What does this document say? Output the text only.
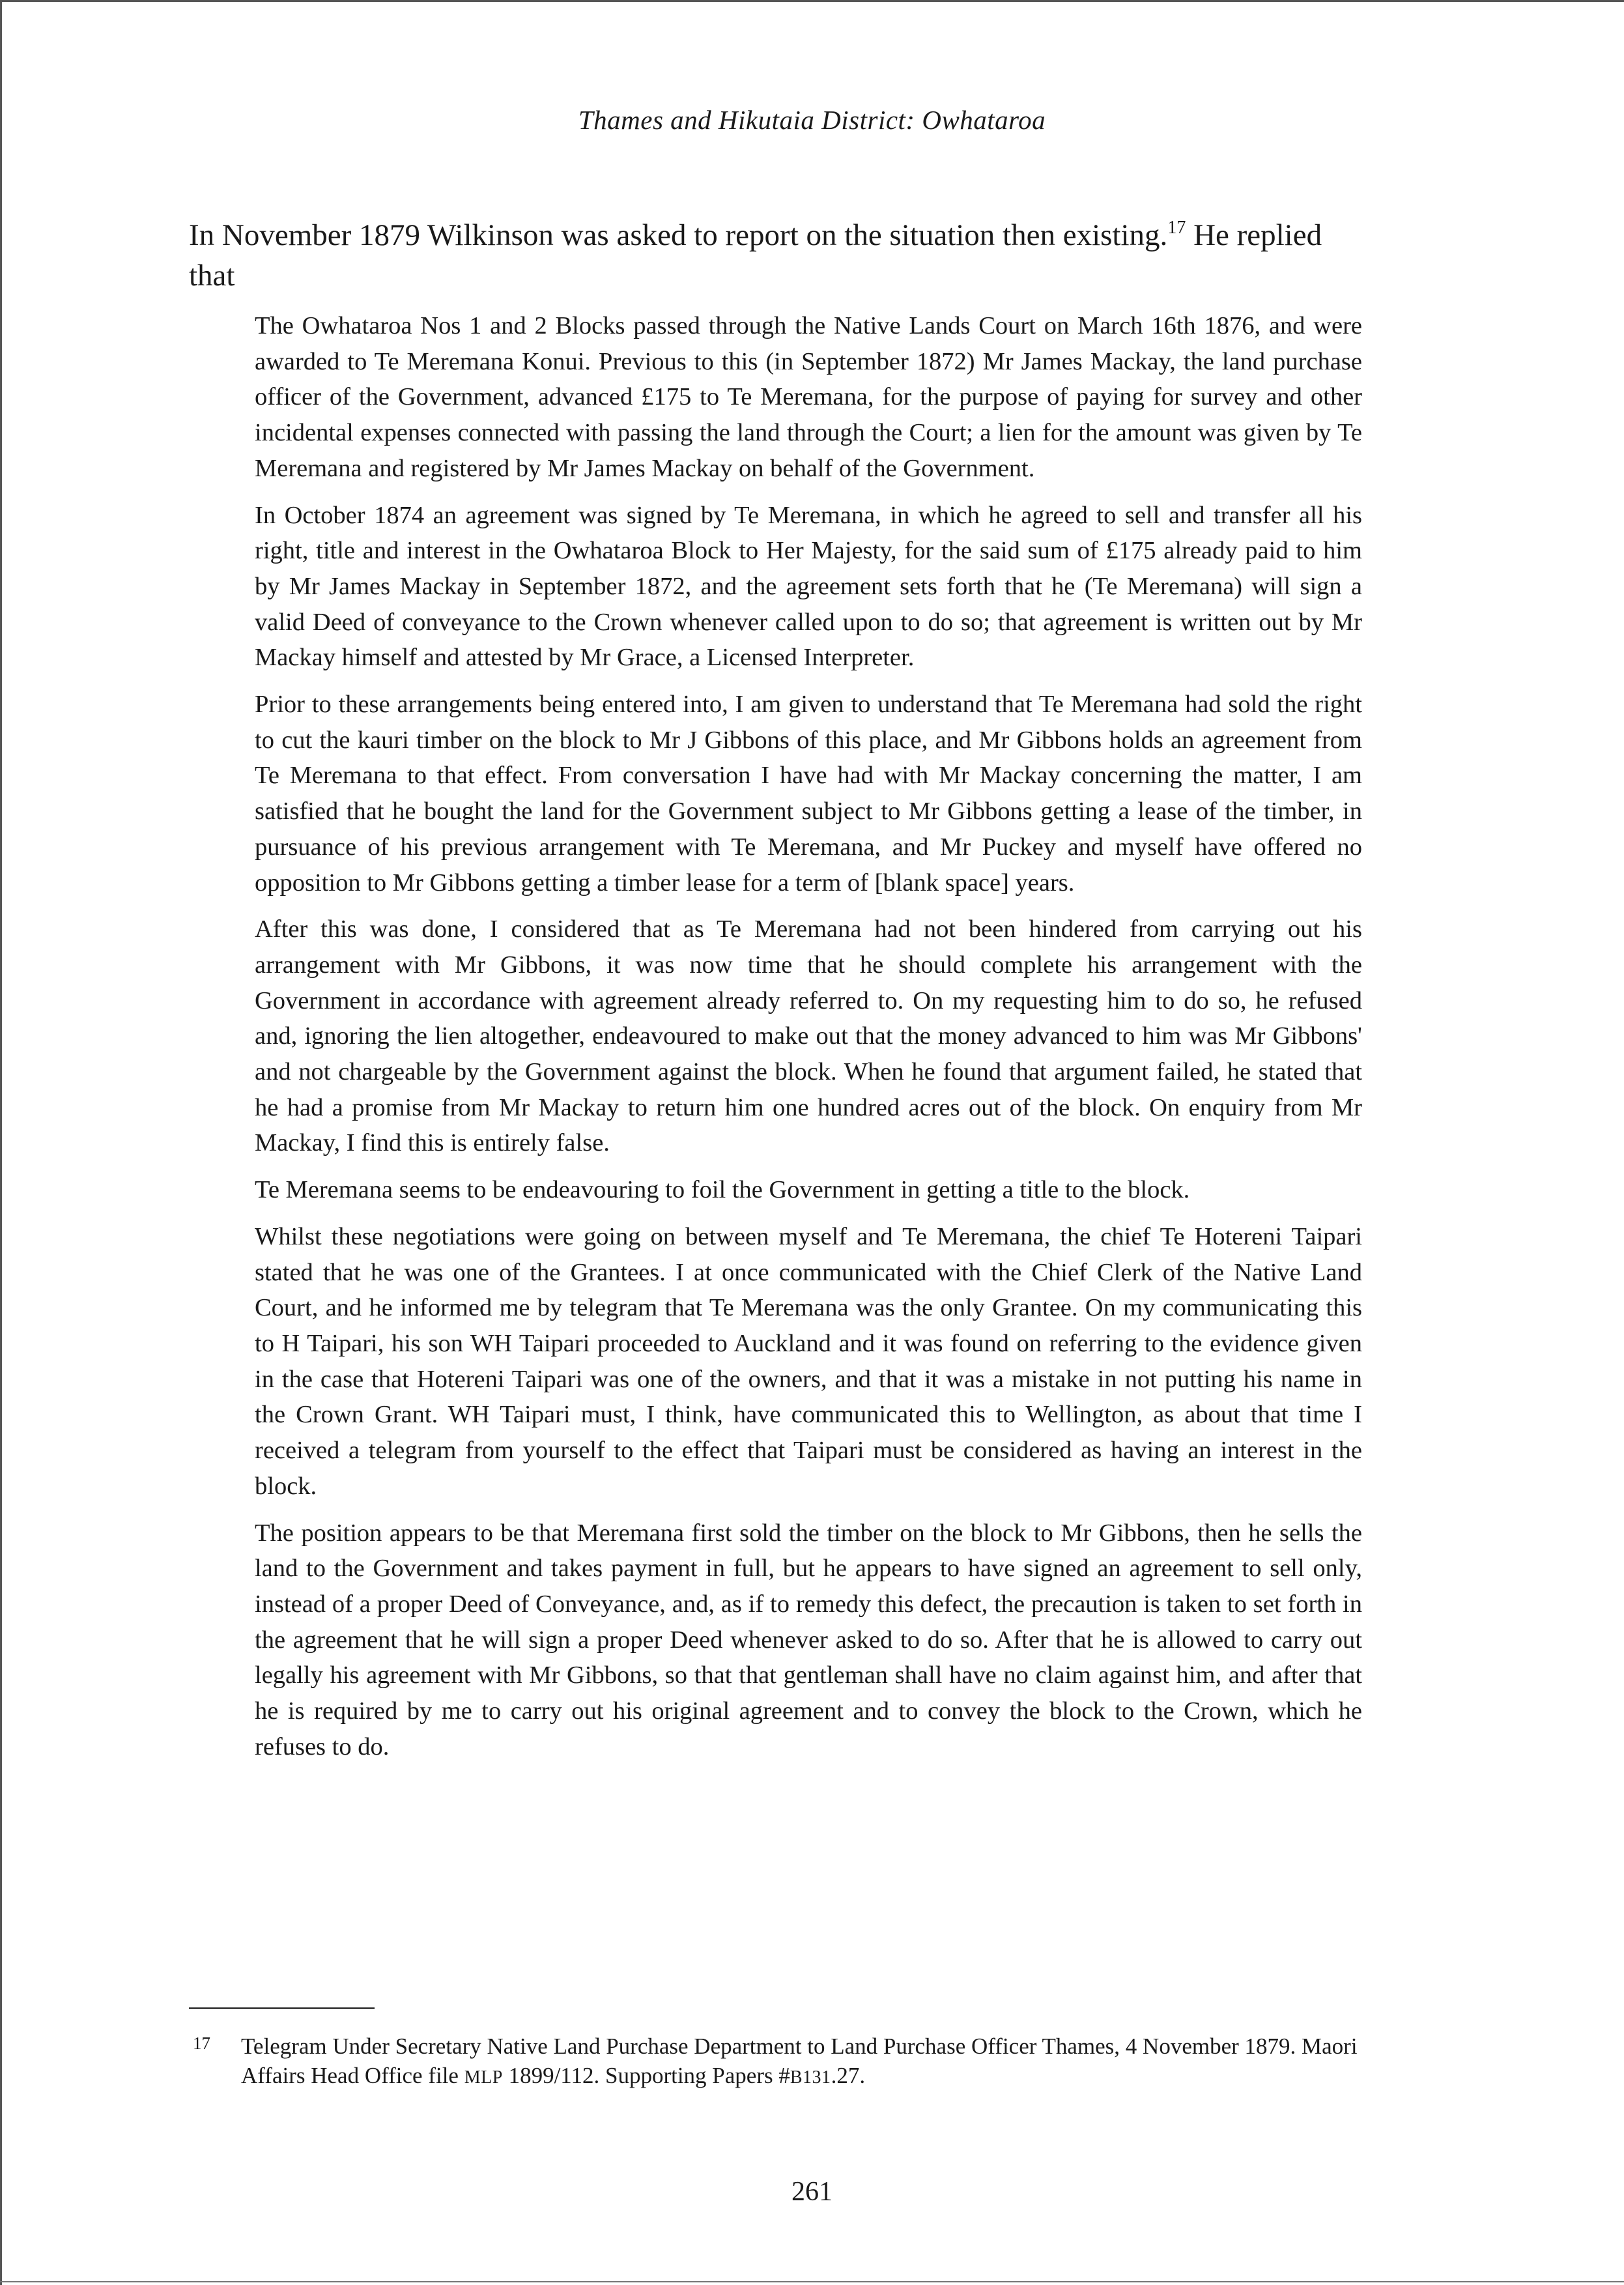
Thames and Hikutaia District: Owhataroa

In November 1879 Wilkinson was asked to report on the situation then existing.$^{17}$ He replied that

The Owhataroa Nos 1 and 2 Blocks passed through the Native Lands Court on March 16th 1876, and were awarded to Te Meremana Konui. Previous to this (in September 1872) Mr James Mackay, the land purchase officer of the Government, advanced £175 to Te Meremana, for the purpose of paying for survey and other incidental expenses connected with passing the land through the Court; a lien for the amount was given by Te Meremana and registered by Mr James Mackay on behalf of the Government.

In October 1874 an agreement was signed by Te Meremana, in which he agreed to sell and transfer all his right, title and interest in the Owhataroa Block to Her Majesty, for the said sum of £175 already paid to him by Mr James Mackay in September 1872, and the agreement sets forth that he (Te Meremana) will sign a valid Deed of conveyance to the Crown whenever called upon to do so; that agreement is written out by Mr Mackay himself and attested by Mr Grace, a Licensed Interpreter.

Prior to these arrangements being entered into, I am given to understand that Te Meremana had sold the right to cut the kauri timber on the block to Mr J Gibbons of this place, and Mr Gibbons holds an agreement from Te Meremana to that effect. From conversation I have had with Mr Mackay concerning the matter, I am satisfied that he bought the land for the Government subject to Mr Gibbons getting a lease of the timber, in pursuance of his previous arrangement with Te Meremana, and Mr Puckey and myself have offered no opposition to Mr Gibbons getting a timber lease for a term of [blank space] years.

After this was done, I considered that as Te Meremana had not been hindered from carrying out his arrangement with Mr Gibbons, it was now time that he should complete his arrangement with the Government in accordance with agreement already referred to. On my requesting him to do so, he refused and, ignoring the lien altogether, endeavoured to make out that the money advanced to him was Mr Gibbons' and not chargeable by the Government against the block. When he found that argument failed, he stated that he had a promise from Mr Mackay to return him one hundred acres out of the block. On enquiry from Mr Mackay, I find this is entirely false.

Te Meremana seems to be endeavouring to foil the Government in getting a title to the block.

Whilst these negotiations were going on between myself and Te Meremana, the chief Te Hotereni Taipari stated that he was one of the Grantees. I at once communicated with the Chief Clerk of the Native Land Court, and he informed me by telegram that Te Meremana was the only Grantee. On my communicating this to H Taipari, his son WH Taipari proceeded to Auckland and it was found on referring to the evidence given in the case that Hotereni Taipari was one of the owners, and that it was a mistake in not putting his name in the Crown Grant. WH Taipari must, I think, have communicated this to Wellington, as about that time I received a telegram from yourself to the effect that Taipari must be considered as having an interest in the block.

The position appears to be that Meremana first sold the timber on the block to Mr Gibbons, then he sells the land to the Government and takes payment in full, but he appears to have signed an agreement to sell only, instead of a proper Deed of Conveyance, and, as if to remedy this defect, the precaution is taken to set forth in the agreement that he will sign a proper Deed whenever asked to do so. After that he is allowed to carry out legally his agreement with Mr Gibbons, so that that gentleman shall have no claim against him, and after that he is required by me to carry out his original agreement and to convey the block to the Crown, which he refuses to do.

17 Telegram Under Secretary Native Land Purchase Department to Land Purchase Officer Thames, 4 November 1879. Maori Affairs Head Office file MLP 1899/112. Supporting Papers #B131.27.
261
